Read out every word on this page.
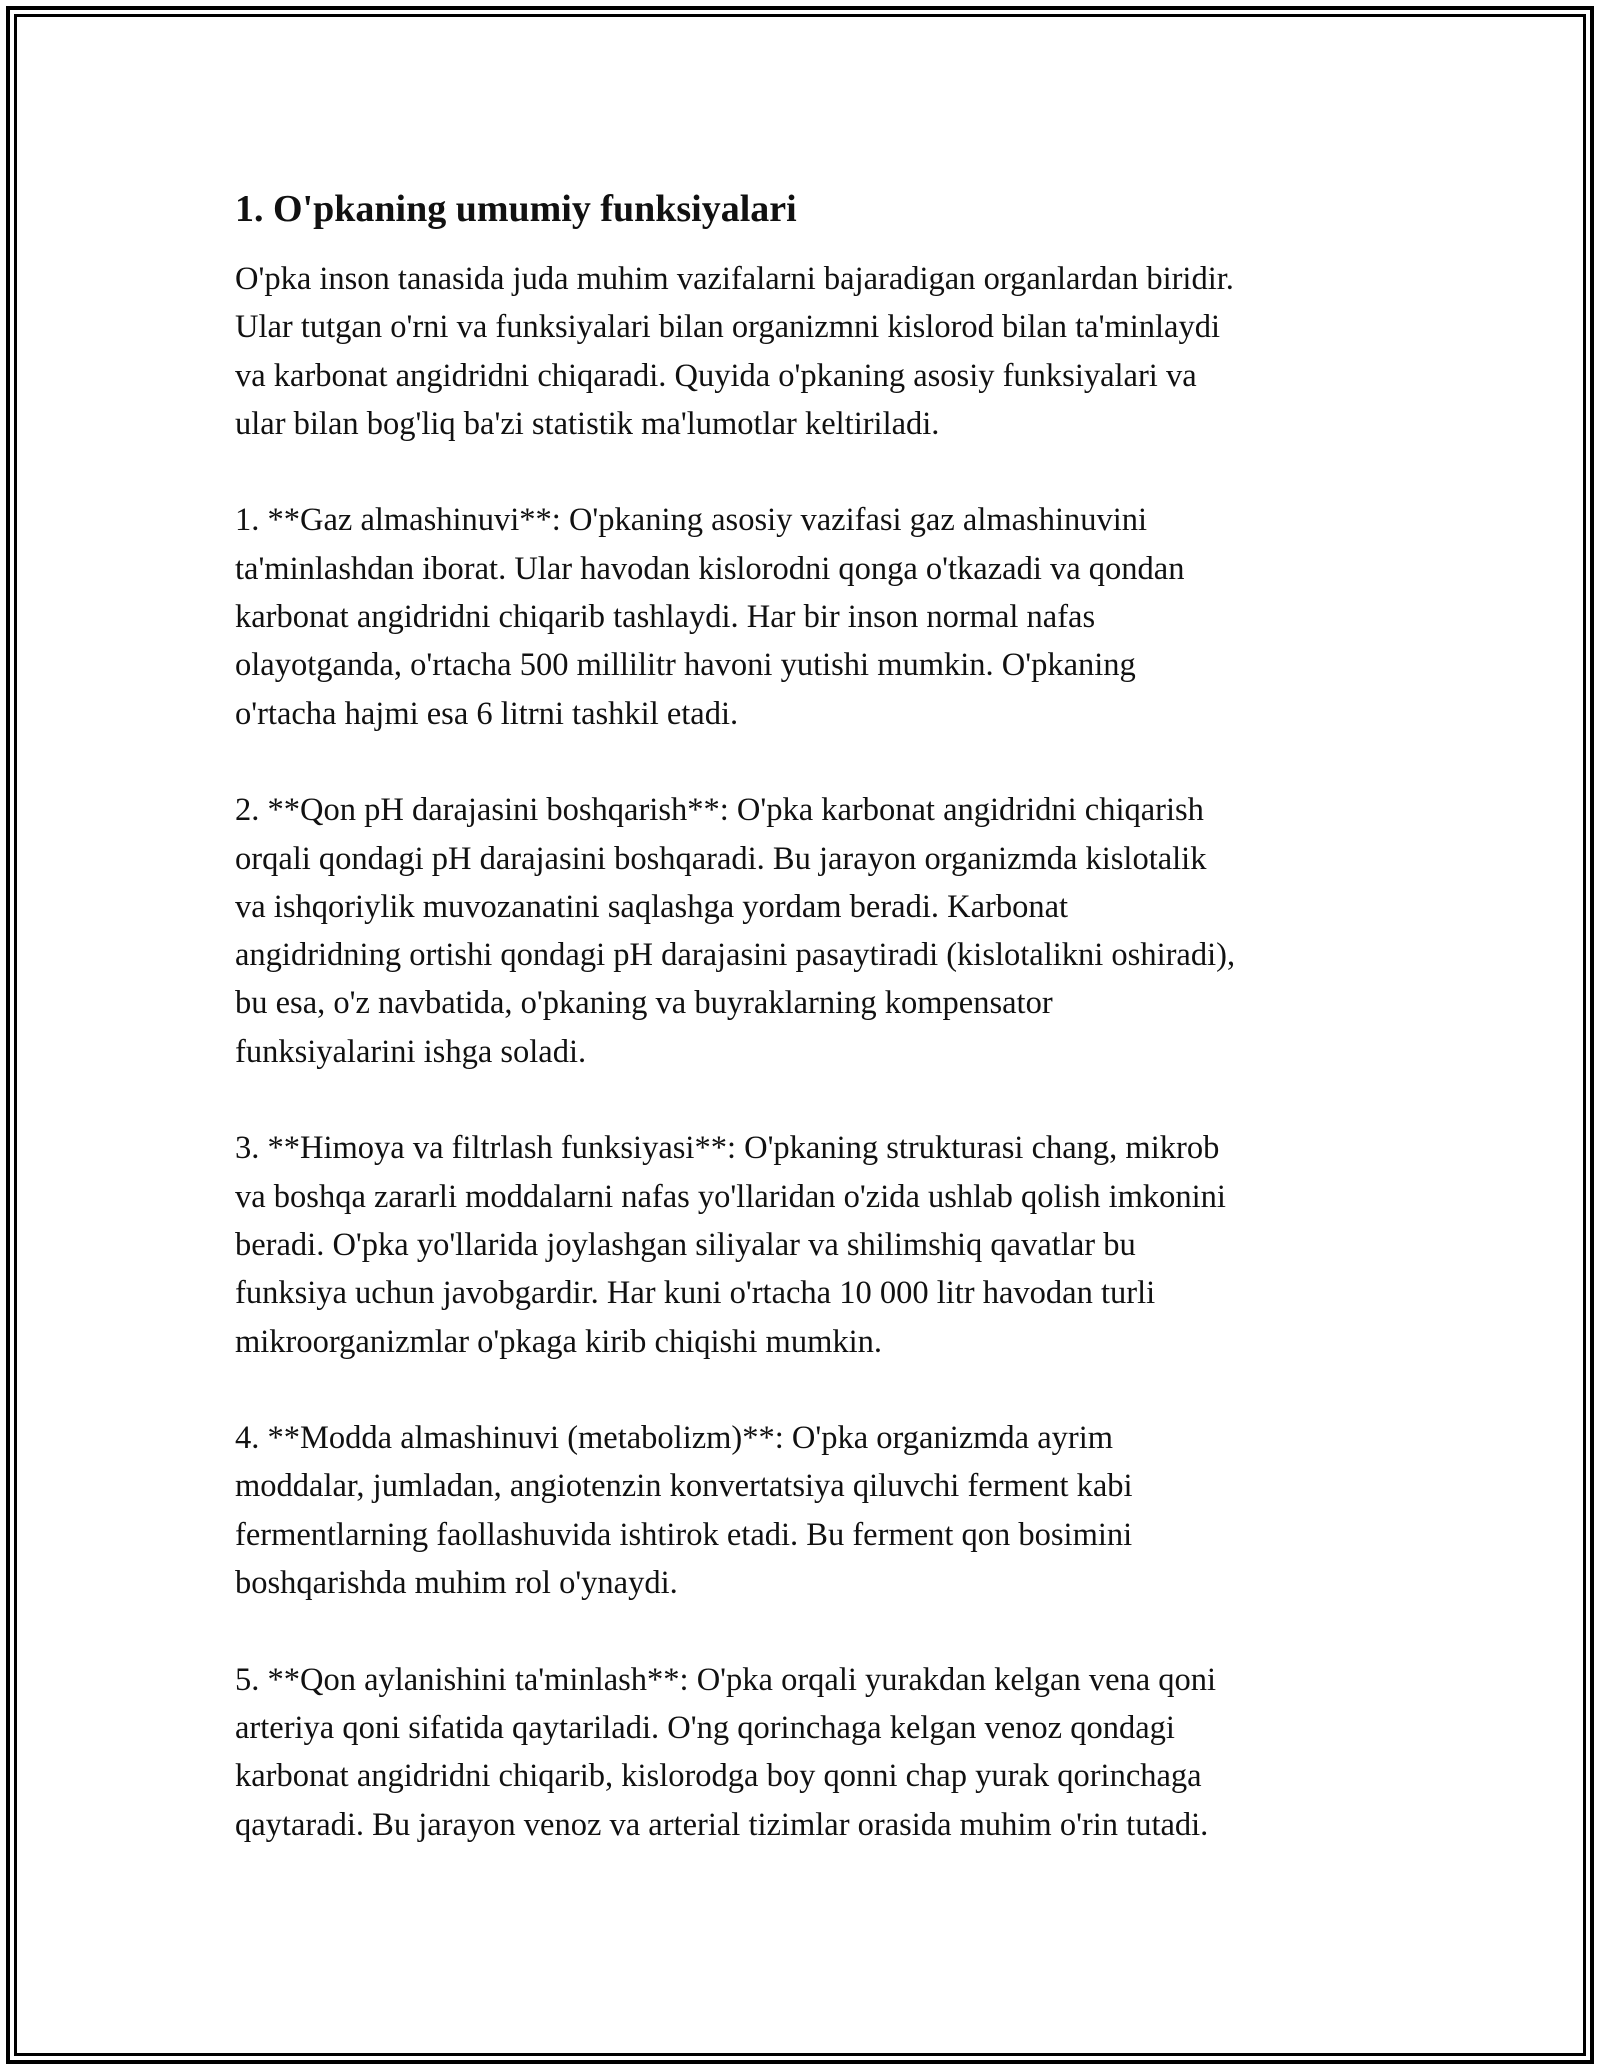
1. O'pkaning umumiy funksiyalari

O'pka inson tanasida juda muhim vazifalarni bajaradigan organlardan biridir.
Ular tutgan o'rni va funksiyalari bilan organizmni kislorod bilan ta'minlaydi
va karbonat angidridni chiqaradi. Quyida o'pkaning asosiy funksiyalari va
ular bilan bog'liq ba'zi statistik ma'lumotlar keltiriladi.

1. **Gaz almashinuvi**: O'pkaning asosiy vazifasi gaz almashinuvini
ta'minlashdan iborat. Ular havodan kislorodni qonga o'tkazadi va qondan
karbonat angidridni chiqarib tashlaydi. Har bir inson normal nafas
olayotganda, o'rtacha 500 millilitr havoni yutishi mumkin. O'pkaning
o'rtacha hajmi esa 6 litrni tashkil etadi.

2. **Qon pH darajasini boshqarish**: O'pka karbonat angidridni chiqarish
orqali qondagi pH darajasini boshqaradi. Bu jarayon organizmda kislotalik
va ishqoriylik muvozanatini saqlashga yordam beradi. Karbonat
angidridning ortishi qondagi pH darajasini pasaytiradi (kislotalikni oshiradi),
bu esa, o'z navbatida, o'pkaning va buyraklarning kompensator
funksiyalarini ishga soladi.

3. **Himoya va filtrlash funksiyasi**: O'pkaning strukturasi chang, mikrob
va boshqa zararli moddalarni nafas yo'llaridan o'zida ushlab qolish imkonini
beradi. O'pka yo'llarida joylashgan siliyalar va shilimshiq qavatlar bu
funksiya uchun javobgardir. Har kuni o'rtacha 10 000 litr havodan turli
mikroorganizmlar o'pkaga kirib chiqishi mumkin.

4. **Modda almashinuvi (metabolizm)**: O'pka organizmda ayrim
moddalar, jumladan, angiotenzin konvertatsiya qiluvchi ferment kabi
fermentlarning faollashuvida ishtirok etadi. Bu ferment qon bosimini
boshqarishda muhim rol o'ynaydi.

5. **Qon aylanishini ta'minlash**: O'pka orqali yurakdan kelgan vena qoni
arteriya qoni sifatida qaytariladi. O'ng qorinchaga kelgan venoz qondagi
karbonat angidridni chiqarib, kislorodga boy qonni chap yurak qorinchaga
qaytaradi. Bu jarayon venoz va arterial tizimlar orasida muhim o'rin tutadi.
